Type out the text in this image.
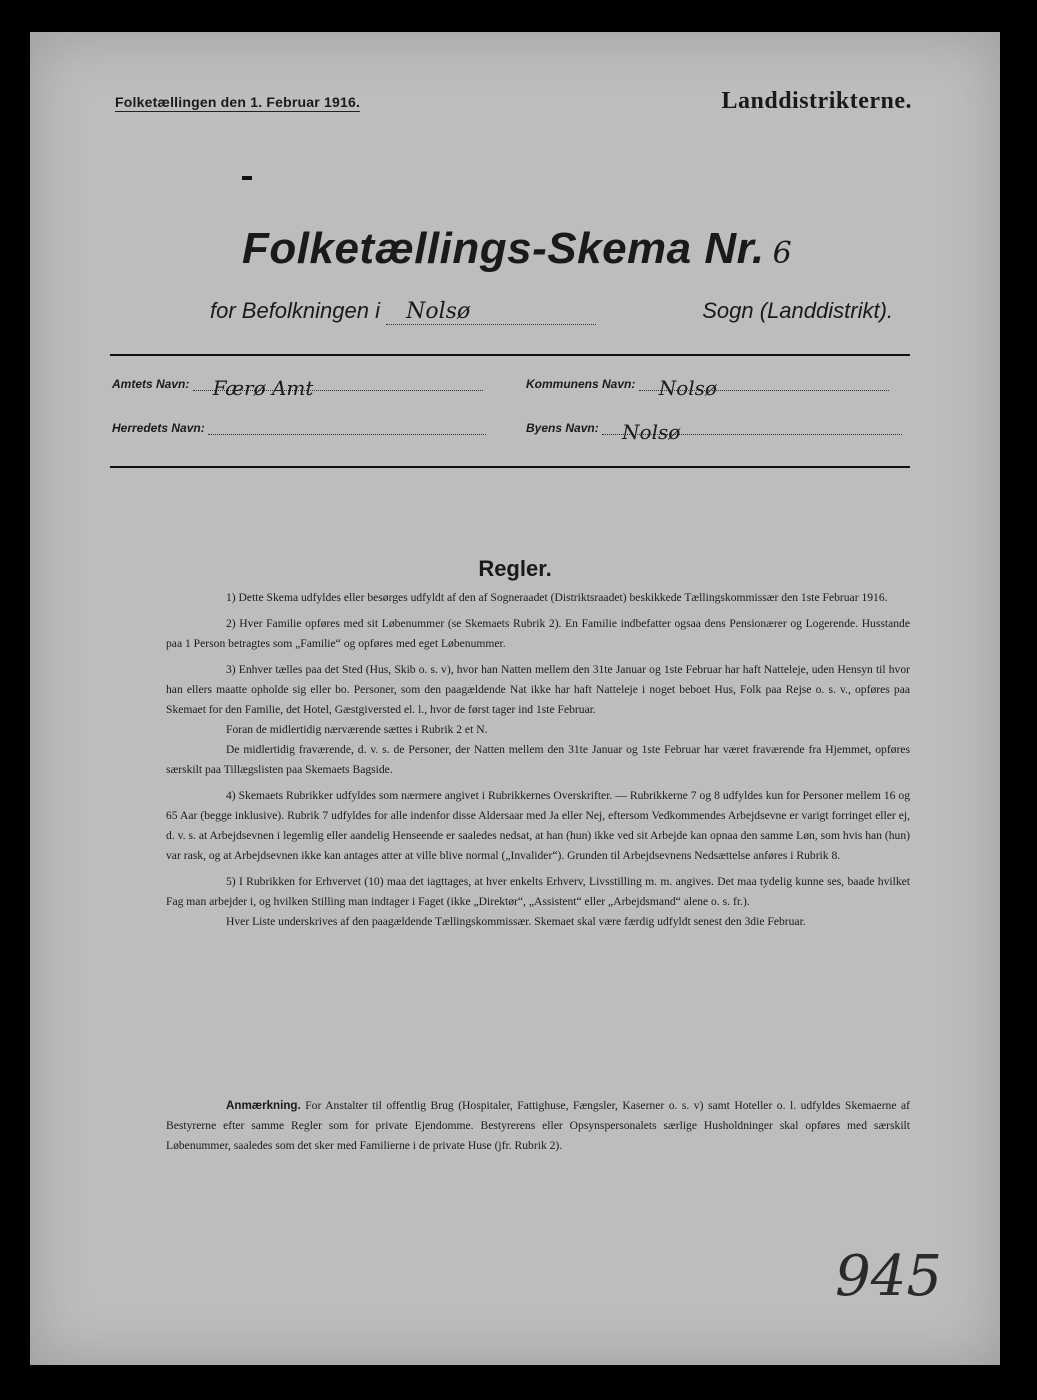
Folketællingen den 1. Februar 1916.	Landdistrikterne.
Folketællings-Skema Nr. 6
for Befolkningen i Nolsø	Sogn (Landdistrikt).
Amtets Navn: Færø Amt	Kommunens Navn: Nolsø
Herredets Navn:	Byens Navn: Nolsø
Regler.

1) Dette Skema udfyldes eller besørges udfyldt af den af Sogneraadet (Distriktsraadet) beskikkede Tællingskommissær den 1ste Februar 1916.

2) Hver Familie opføres med sit Løbenummer (se Skemaets Rubrik 2). En Familie indbefatter ogsaa dens Pensionærer og Logerende. Husstande paa 1 Person betragtes som „Familie“ og opføres med eget Løbenummer.

3) Enhver tælles paa det Sted (Hus, Skib o. s. v), hvor han Natten mellem den 31te Januar og 1ste Februar har haft Natteleje, uden Hensyn til hvor han ellers maatte opholde sig eller bo. Personer, som den paagældende Nat ikke har haft Natteleje i noget beboet Hus, Folk paa Rejse o. s. v., opføres paa Skemaet for den Familie, det Hotel, Gæstgiversted el. l., hvor de først tager ind 1ste Februar.

Foran de midlertidig nærværende sættes i Rubrik 2 et N.

De midlertidig fraværende, d. v. s. de Personer, der Natten mellem den 31te Januar og 1ste Februar har været fraværende fra Hjemmet, opføres særskilt paa Tillægslisten paa Skemaets Bagside.

4) Skemaets Rubrikker udfyldes som nærmere angivet i Rubrikkernes Overskrifter. — Rubrikkerne 7 og 8 udfyldes kun for Personer mellem 16 og 65 Aar (begge inklusive). Rubrik 7 udfyldes for alle indenfor disse Aldersaar med Ja eller Nej, eftersom Vedkommendes Arbejdsevne er varigt forringet eller ej, d. v. s. at Arbejdsevnen i legemlig eller aandelig Henseende er saaledes nedsat, at han (hun) ikke ved sit Arbejde kan opnaa den samme Løn, som hvis han (hun) var rask, og at Arbejdsevnen ikke kan antages atter at ville blive normal („Invalider“). Grunden til Arbejdsevnens Nedsættelse anføres i Rubrik 8.

5) I Rubrikken for Erhvervet (10) maa det iagttages, at hver enkelts Erhverv, Livsstilling m. m. angives. Det maa tydelig kunne ses, baade hvilket Fag man arbejder i, og hvilken Stilling man indtager i Faget (ikke „Direktør“, „Assistent“ eller „Arbejdsmand“ alene o. s. fr.).

Hver Liste underskrives af den paagældende Tællingskommissær. Skemaet skal være færdig udfyldt senest den 3die Februar.

Anmærkning. For Anstalter til offentlig Brug (Hospitaler, Fattighuse, Fængsler, Kaserner o. s. v) samt Hoteller o. l. udfyldes Skemaerne af Bestyrerne efter samme Regler som for private Ejendomme. Bestyrerens eller Opsynspersonalets særlige Husholdninger skal opføres med særskilt Løbenummer, saaledes som det sker med Familierne i de private Huse (jfr. Rubrik 2).
945
